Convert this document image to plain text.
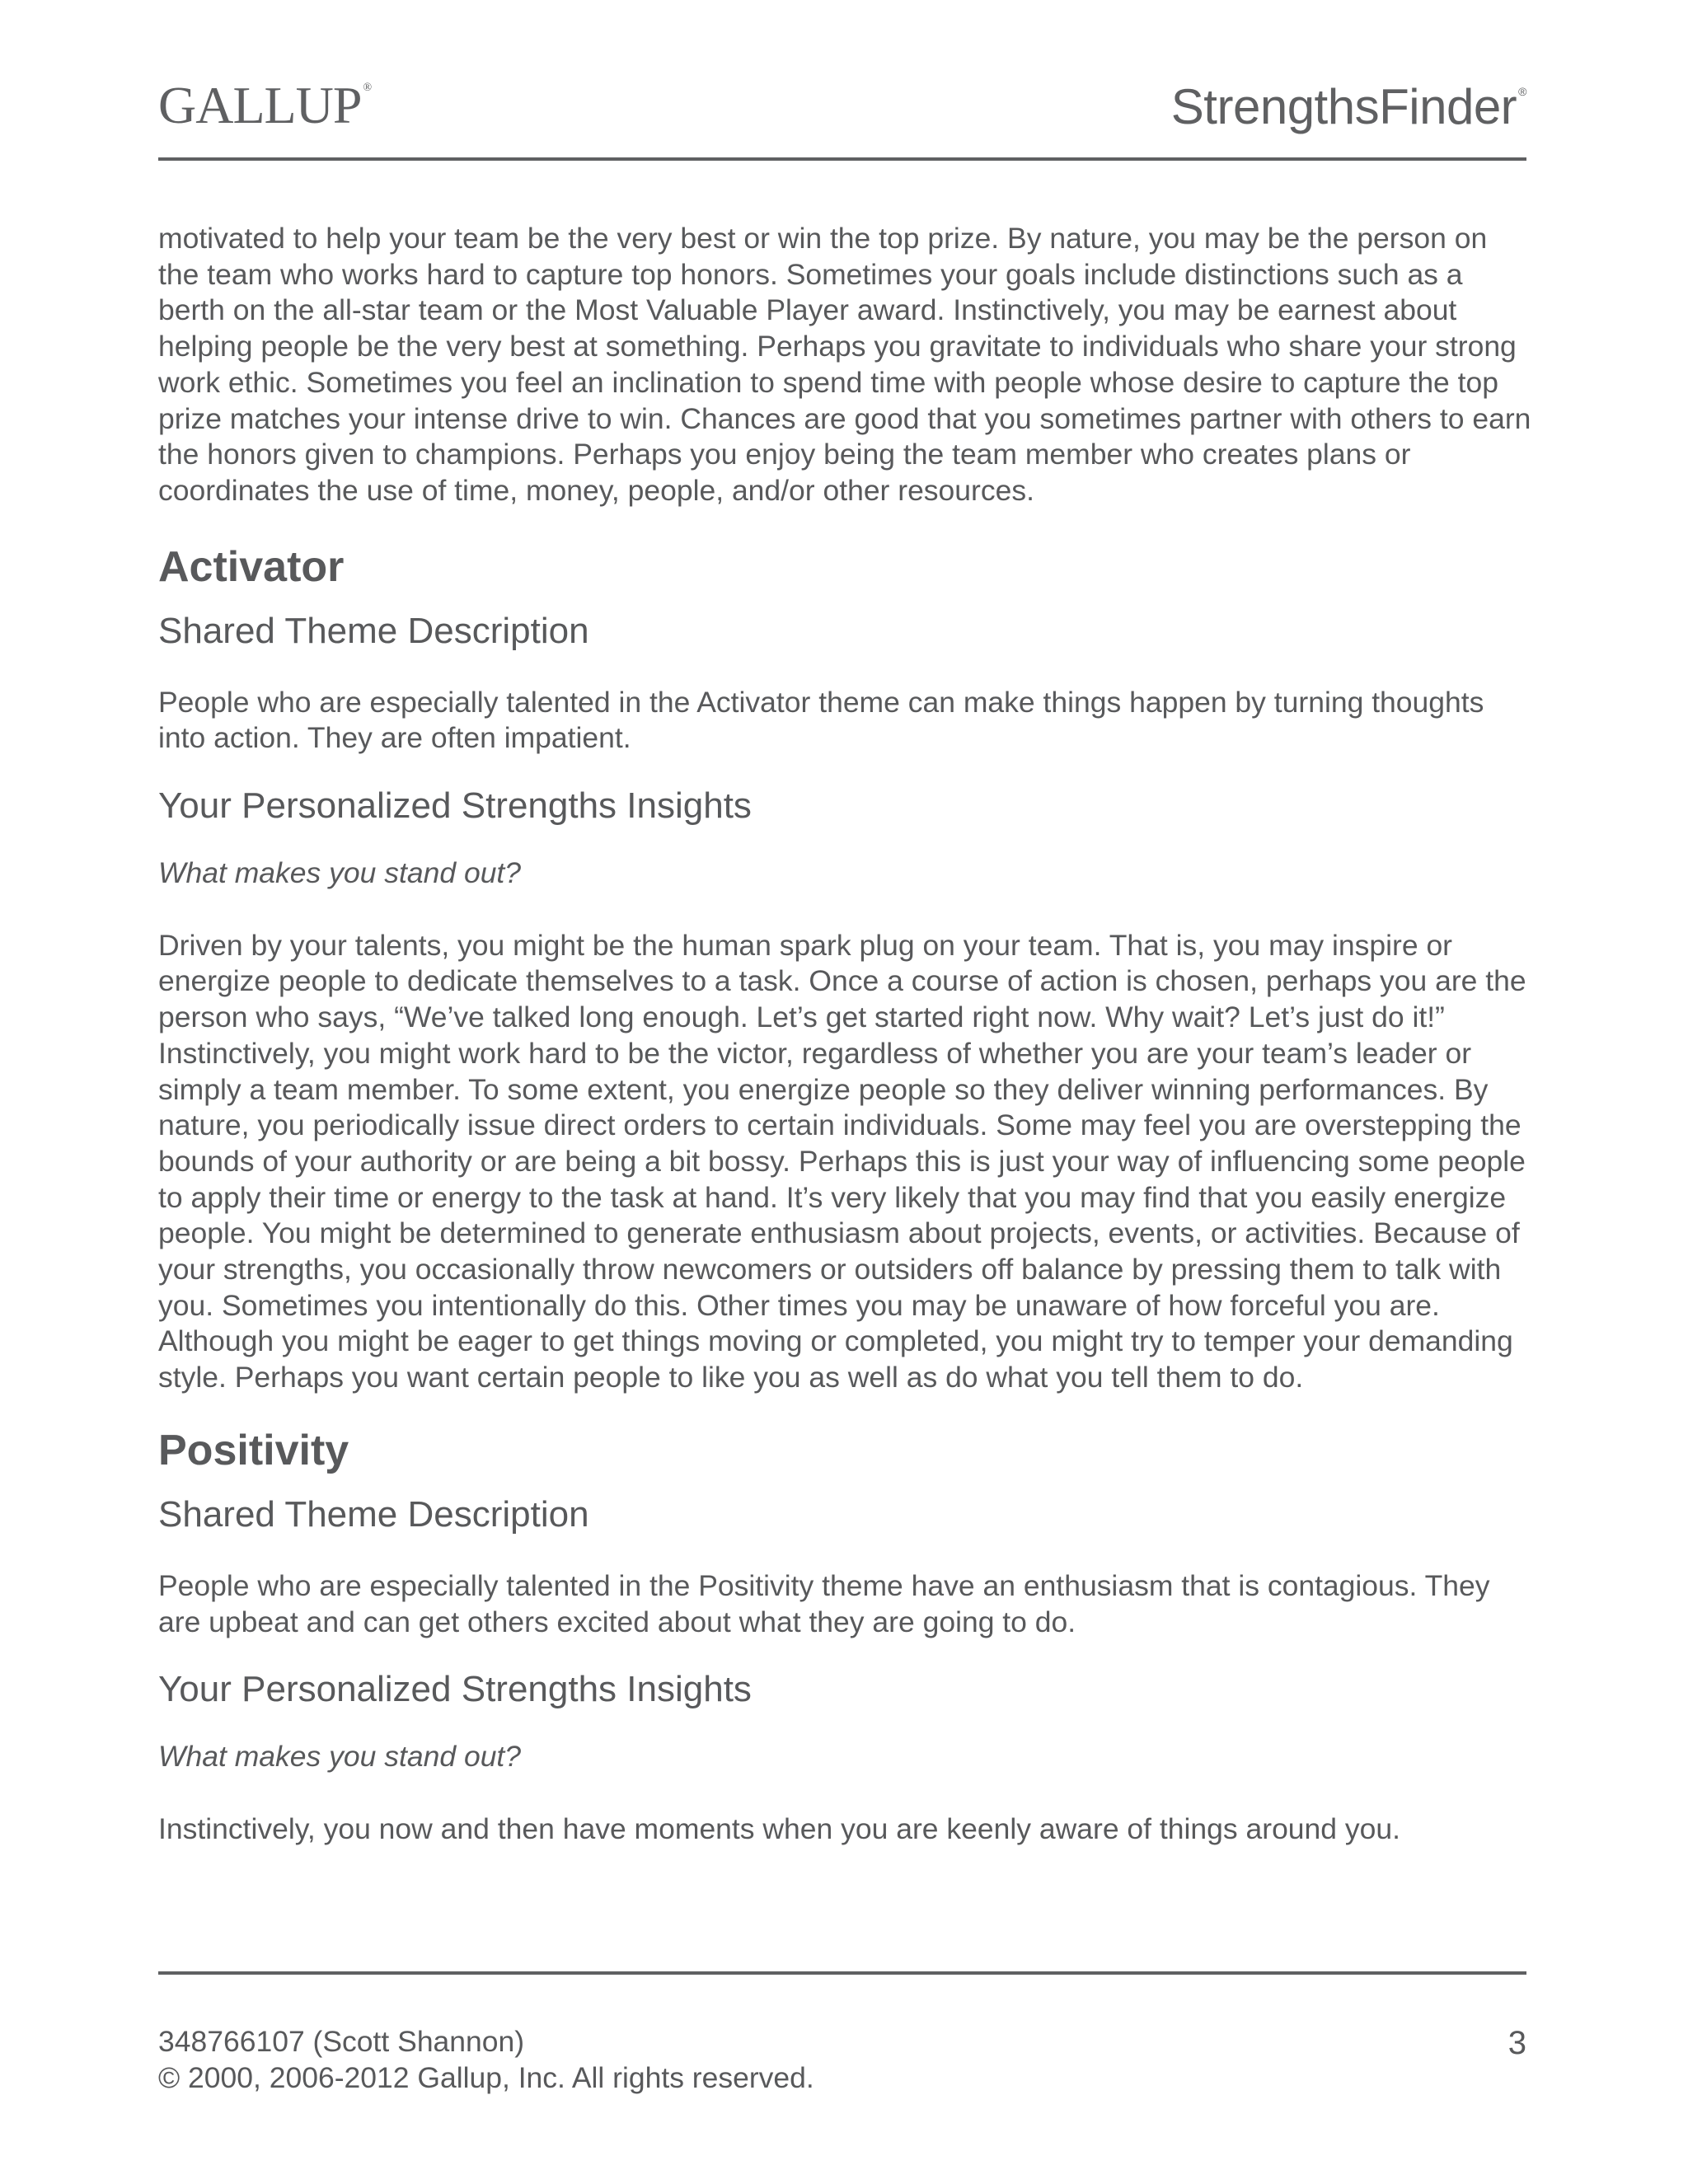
GALLUP ®	StrengthsFinder ®

motivated to help your team be the very best or win the top prize. By nature, you may be the person on the team who works hard to capture top honors. Sometimes your goals include distinctions such as a berth on the all-star team or the Most Valuable Player award. Instinctively, you may be earnest about helping people be the very best at something. Perhaps you gravitate to individuals who share your strong work ethic. Sometimes you feel an inclination to spend time with people whose desire to capture the top prize matches your intense drive to win. Chances are good that you sometimes partner with others to earn the honors given to champions. Perhaps you enjoy being the team member who creates plans or coordinates the use of time, money, people, and/or other resources.

Activator
Shared Theme Description

People who are especially talented in the Activator theme can make things happen by turning thoughts into action. They are often impatient.

Your Personalized Strengths Insights

What makes you stand out?

Driven by your talents, you might be the human spark plug on your team. That is, you may inspire or energize people to dedicate themselves to a task. Once a course of action is chosen, perhaps you are the person who says, “We’ve talked long enough. Let’s get started right now. Why wait? Let’s just do it!” Instinctively, you might work hard to be the victor, regardless of whether you are your team’s leader or simply a team member. To some extent, you energize people so they deliver winning performances. By nature, you periodically issue direct orders to certain individuals. Some may feel you are overstepping the bounds of your authority or are being a bit bossy. Perhaps this is just your way of influencing some people to apply their time or energy to the task at hand. It’s very likely that you may find that you easily energize people. You might be determined to generate enthusiasm about projects, events, or activities. Because of your strengths, you occasionally throw newcomers or outsiders off balance by pressing them to talk with you. Sometimes you intentionally do this. Other times you may be unaware of how forceful you are. Although you might be eager to get things moving or completed, you might try to temper your demanding style. Perhaps you want certain people to like you as well as do what you tell them to do.

Positivity
Shared Theme Description

People who are especially talented in the Positivity theme have an enthusiasm that is contagious. They are upbeat and can get others excited about what they are going to do.

Your Personalized Strengths Insights

What makes you stand out?

Instinctively, you now and then have moments when you are keenly aware of things around you.

348766107 (Scott Shannon)
© 2000, 2006-2012 Gallup, Inc. All rights reserved.
3
